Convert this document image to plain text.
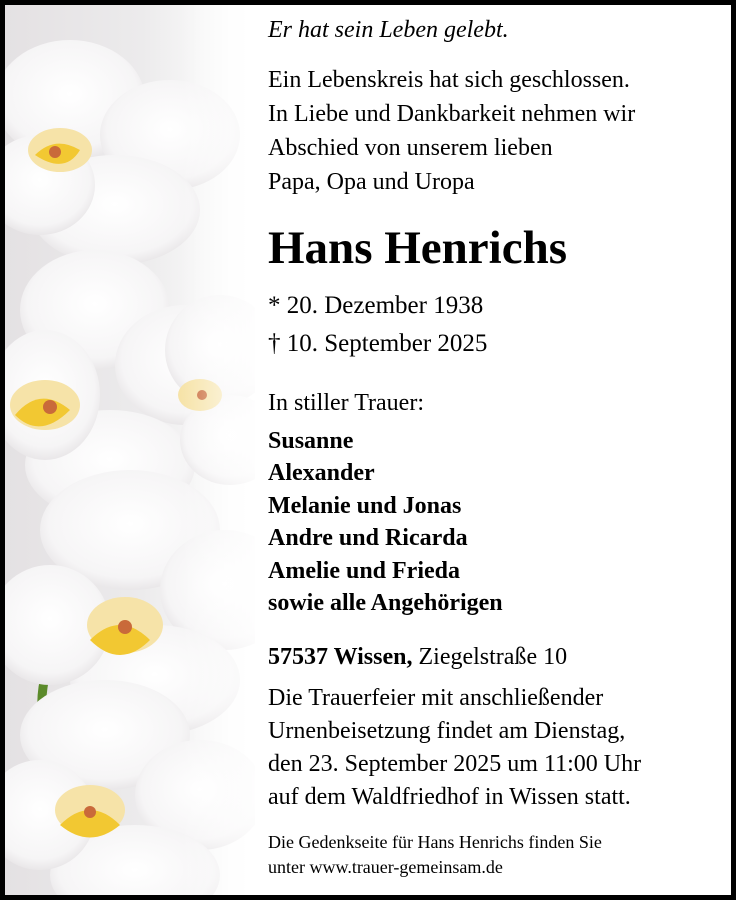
Er hat sein Leben gelebt.
Ein Lebenskreis hat sich geschlossen.
In Liebe und Dankbarkeit nehmen wir
Abschied von unserem lieben
Papa, Opa und Uropa
Hans Henrichs
* 20. Dezember 1938
† 10. September 2025
In stiller Trauer:
Susanne
Alexander
Melanie und Jonas
Andre und Ricarda
Amelie und Frieda
sowie alle Angehörigen
57537 Wissen, Ziegelstraße 10
Die Trauerfeier mit anschließender
Urnenbeisetzung findet am Dienstag,
den 23. September 2025 um 11:00 Uhr
auf dem Waldfriedhof in Wissen statt.
Die Gedenkseite für Hans Henrichs finden Sie
unter www.trauer-gemeinsam.de
